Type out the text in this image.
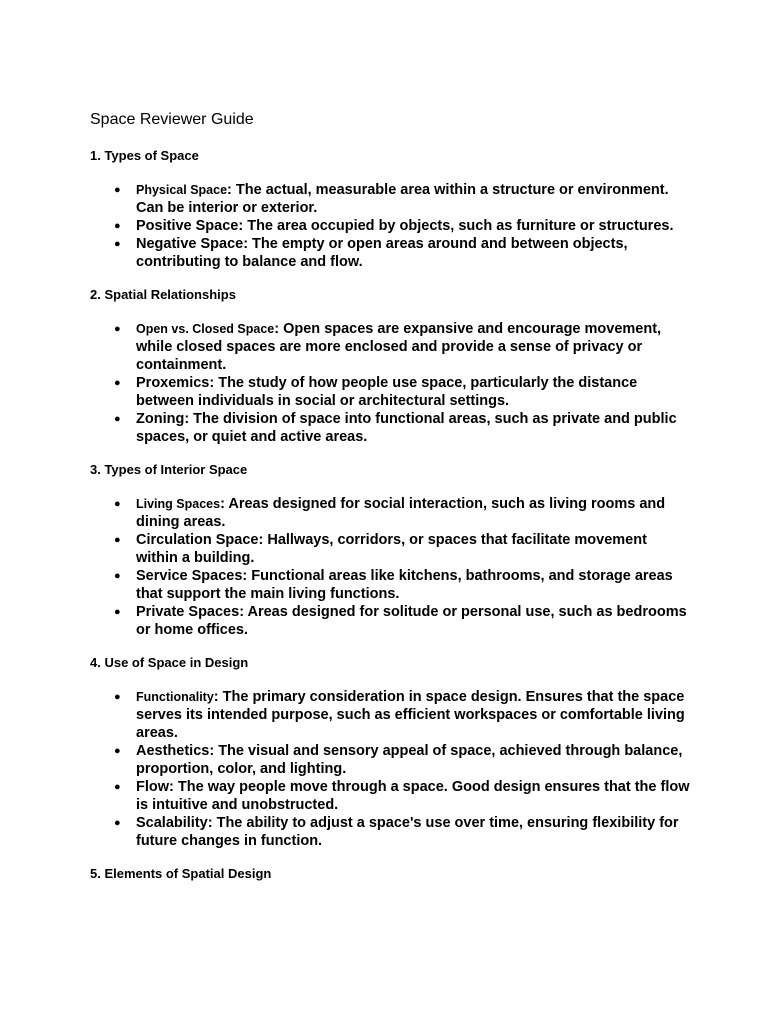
Space Reviewer Guide
1. Types of Space
● Physical Space: The actual, measurable area within a structure or environment. Can be interior or exterior.
● Positive Space: The area occupied by objects, such as furniture or structures.
● Negative Space: The empty or open areas around and between objects, contributing to balance and flow.
2. Spatial Relationships
● Open vs. Closed Space: Open spaces are expansive and encourage movement, while closed spaces are more enclosed and provide a sense of privacy or containment.
● Proxemics: The study of how people use space, particularly the distance between individuals in social or architectural settings.
● Zoning: The division of space into functional areas, such as private and public spaces, or quiet and active areas.
3. Types of Interior Space
● Living Spaces: Areas designed for social interaction, such as living rooms and dining areas.
● Circulation Space: Hallways, corridors, or spaces that facilitate movement within a building.
● Service Spaces: Functional areas like kitchens, bathrooms, and storage areas that support the main living functions.
● Private Spaces: Areas designed for solitude or personal use, such as bedrooms or home offices.
4. Use of Space in Design
● Functionality: The primary consideration in space design. Ensures that the space serves its intended purpose, such as efficient workspaces or comfortable living areas.
● Aesthetics: The visual and sensory appeal of space, achieved through balance, proportion, color, and lighting.
● Flow: The way people move through a space. Good design ensures that the flow is intuitive and unobstructed.
● Scalability: The ability to adjust a space's use over time, ensuring flexibility for future changes in function.
5. Elements of Spatial Design
